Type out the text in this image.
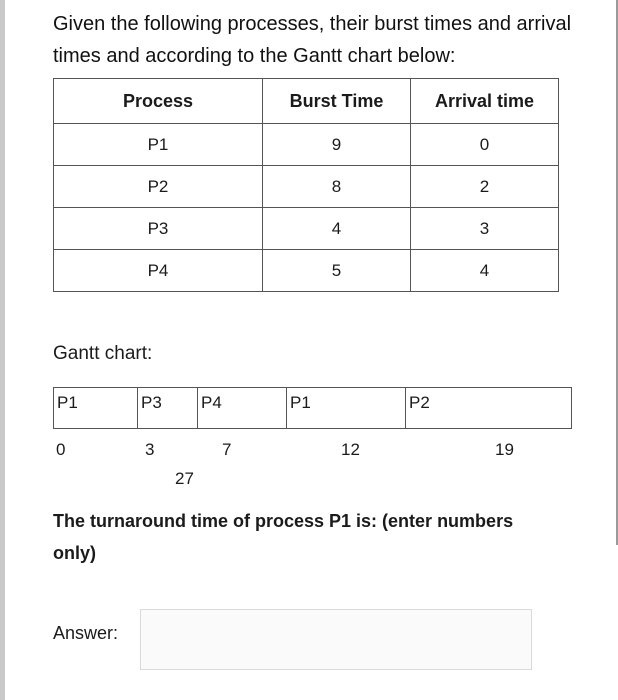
Given the following processes, their burst times and arrival times and according to the Gantt chart below:
Process	Burst Time	Arrival time
P1	9	0
P2	8	2
P3	4	3
P4	5	4
Gantt chart:
P1	P3 P4	P1	P2
0	3	7	12	19
27
The turnaround time of process P1 is: (enter numbers only)
Answer:
